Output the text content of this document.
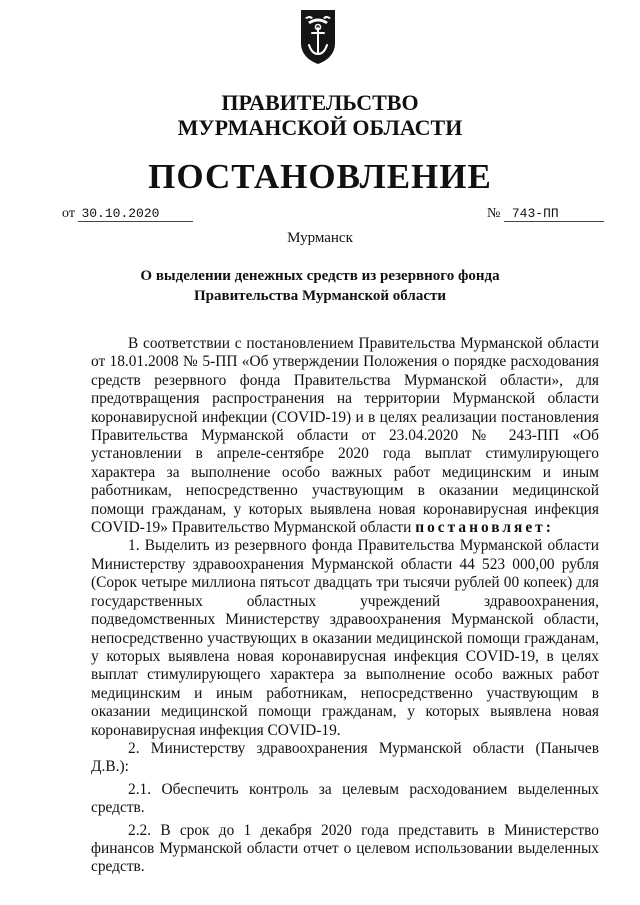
ПРАВИТЕЛЬСТВО
МУРМАНСКОЙ ОБЛАСТИ
ПОСТАНОВЛЕНИЕ
от 30.10.2020	№ 743-ПП
Мурманск
О выделении денежных средств из резервного фонда
Правительства Мурманской области

В соответствии с постановлением Правительства Мурманской области от 18.01.2008 № 5-ПП «Об утверждении Положения о порядке расходования средств резервного фонда Правительства Мурманской области», для предотвращения распространения на территории Мурманской области коронавирусной инфекции (COVID-19) и в целях реализации постановления Правительства Мурманской области от 23.04.2020 № 243-ПП «Об установлении в апреле-сентябре 2020 года выплат стимулирующего характера за выполнение особо важных работ медицинским и иным работникам, непосредственно участвующим в оказании медицинской помощи гражданам, у которых выявлена новая коронавирусная инфекция COVID-19» Правительство Мурманской области постановляет:

1. Выделить из резервного фонда Правительства Мурманской области Министерству здравоохранения Мурманской области 44 523 000,00 рубля (Сорок четыре миллиона пятьсот двадцать три тысячи рублей 00 копеек) для государственных областных учреждений здравоохранения, подведомственных Министерству здравоохранения Мурманской области, непосредственно участвующих в оказании медицинской помощи гражданам, у которых выявлена новая коронавирусная инфекция COVID-19, в целях выплат стимулирующего характера за выполнение особо важных работ медицинским и иным работникам, непосредственно участвующим в оказании медицинской помощи гражданам, у которых выявлена новая коронавирусная инфекция COVID-19.

2. Министерству здравоохранения Мурманской области (Панычев Д.В.):

2.1. Обеспечить контроль за целевым расходованием выделенных средств.

2.2. В срок до 1 декабря 2020 года представить в Министерство финансов Мурманской области отчет о целевом использовании выделенных средств.
